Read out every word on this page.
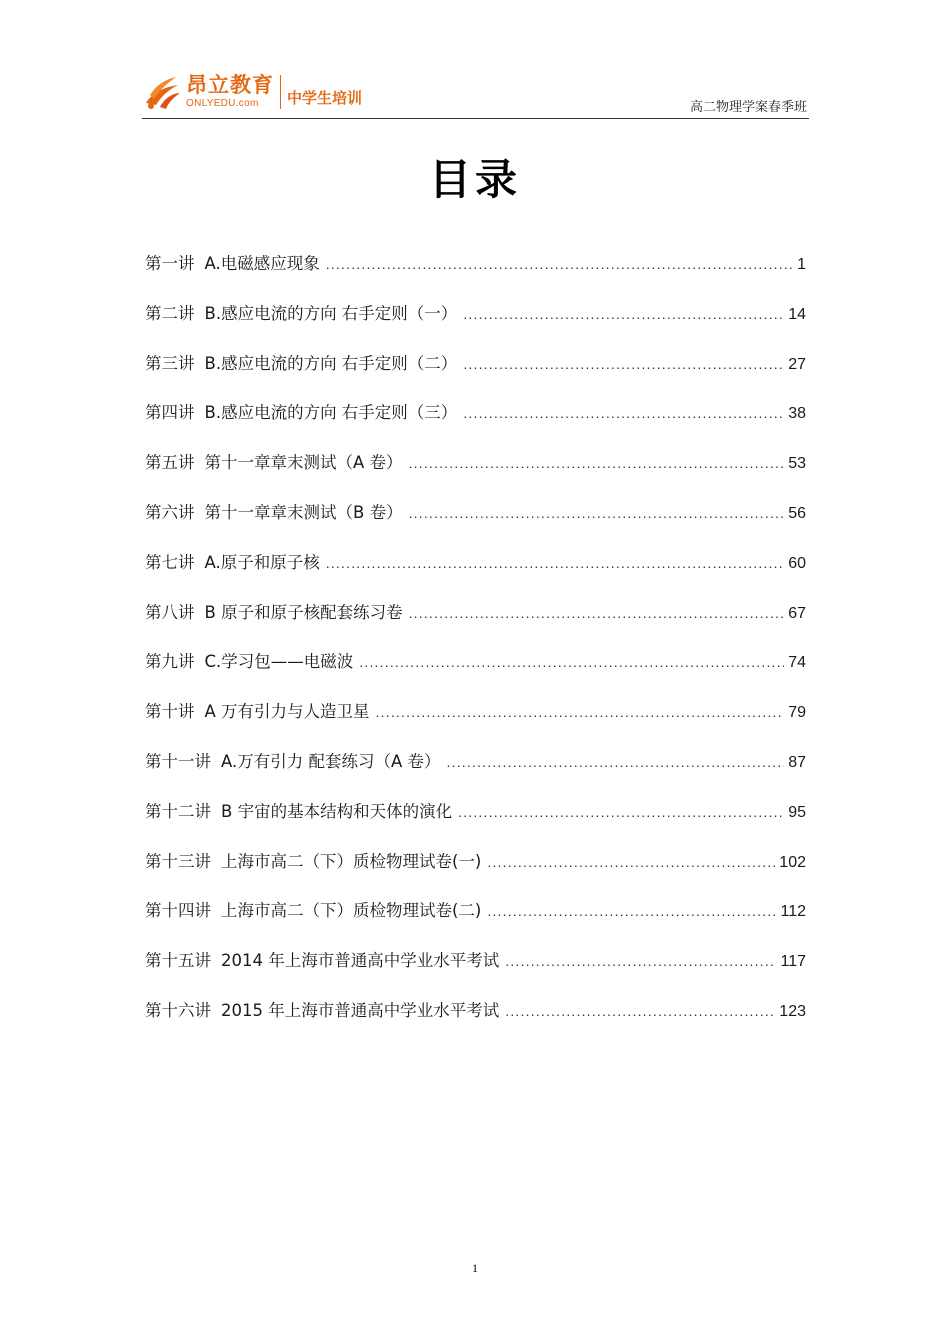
昂立教育
ONLYEDU.com	中学生培训
高二物理学案春季班
目录
第一讲 A.电磁感应现象 .....	1
第二讲 B.感应电流的方向 右手定则（一） .....	14
第三讲 B.感应电流的方向 右手定则（二） .....	27
第四讲 B.感应电流的方向 右手定则（三） .....	38
第五讲 第十一章章末测试（A 卷） .....	53
第六讲 第十一章章末测试（B 卷） .....	56
第七讲 A.原子和原子核 .....	60
第八讲 B 原子和原子核配套练习卷 .....	67
第九讲 C.学习包——电磁波 .....	74
第十讲 A 万有引力与人造卫星 .....	79
第十一讲 A.万有引力 配套练习（A 卷） .....	87
第十二讲 B 宇宙的基本结构和天体的演化 .....	95
第十三讲 上海市高二（下）质检物理试卷(一) .....	102
第十四讲 上海市高二（下）质检物理试卷(二) .....	112
第十五讲 2014 年上海市普通高中学业水平考试 .....	117
第十六讲 2015 年上海市普通高中学业水平考试 .....	123
1
